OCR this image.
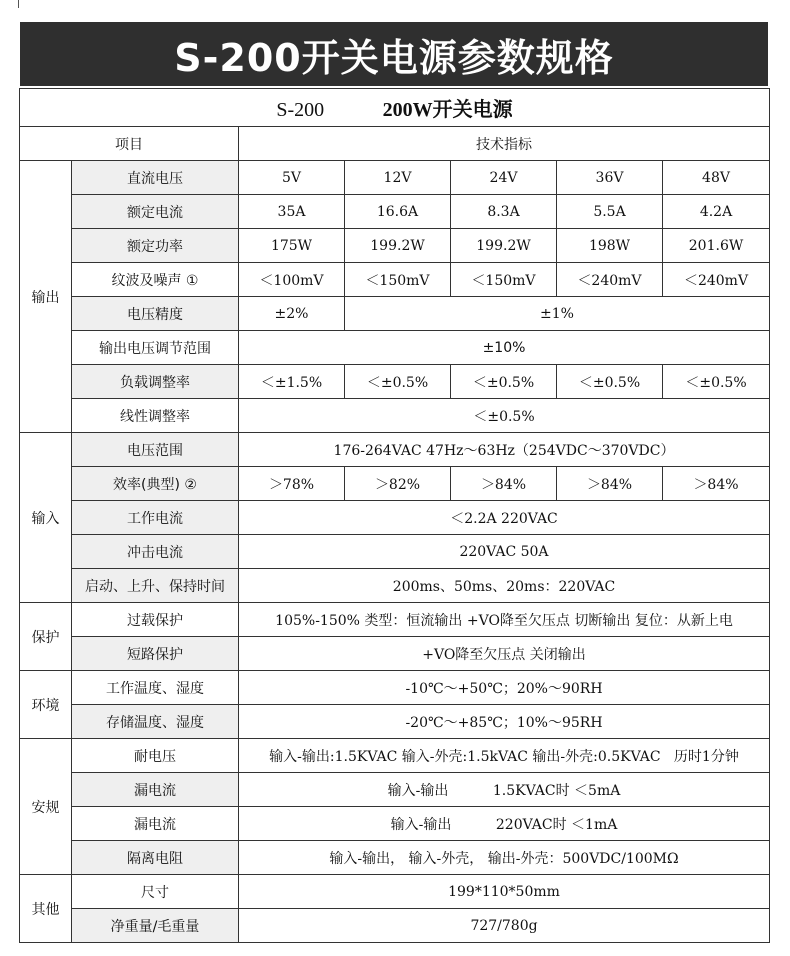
S-200开关电源参数规格
S-200 200W开关电源						
项目		技术指标				
输出	直流电压	5V	12V	24V	36V	48V
	额定电流	35A	16.6A	8.3A	5.5A	4.2A
	额定功率	175W	199.2W	199.2W	198W	201.6W
	纹波及噪声 ①	＜100mV	＜150mV	＜150mV	＜240mV	＜240mV
	电压精度	±2%	±1%			
	输出电压调节范围	±10%				
	负载调整率	＜±1.5%	＜±0.5%	＜±0.5%	＜±0.5%	＜±0.5%
	线性调整率	＜±0.5%				
输入	电压范围	176-264VAC 47Hz～63Hz（254VDC～370VDC）				
	效率(典型) ②	＞78%	＞82%	＞84%	＞84%	＞84%
	工作电流	＜2.2A 220VAC				
	冲击电流	220VAC 50A				
	启动、上升、保持时间	200ms、50ms、20ms：220VAC				
保护	过载保护	105%-150% 类型：恒流输出 +VO降至欠压点 切断输出 复位：从新上电				
	短路保护	+VO降至欠压点 关闭输出				
环境	工作温度、湿度	-10℃～+50℃；20%～90RH				
	存储温度、湿度	-20℃～+85℃；10%～95RH				
安规	耐电压	输入-输出:1.5KVAC 输入-外壳:1.5kVAC 输出-外壳:0.5KVAC   历时1分钟				
	漏电流	输入-输出          1.5KVAC时 ＜5mA				
	漏电流	输入-输出          220VAC时 ＜1mA				
	隔离电阻	输入-输出， 输入-外壳， 输出-外壳：500VDC/100MΩ				
其他	尺寸	199*110*50mm				
	净重量/毛重量	727/780g				
